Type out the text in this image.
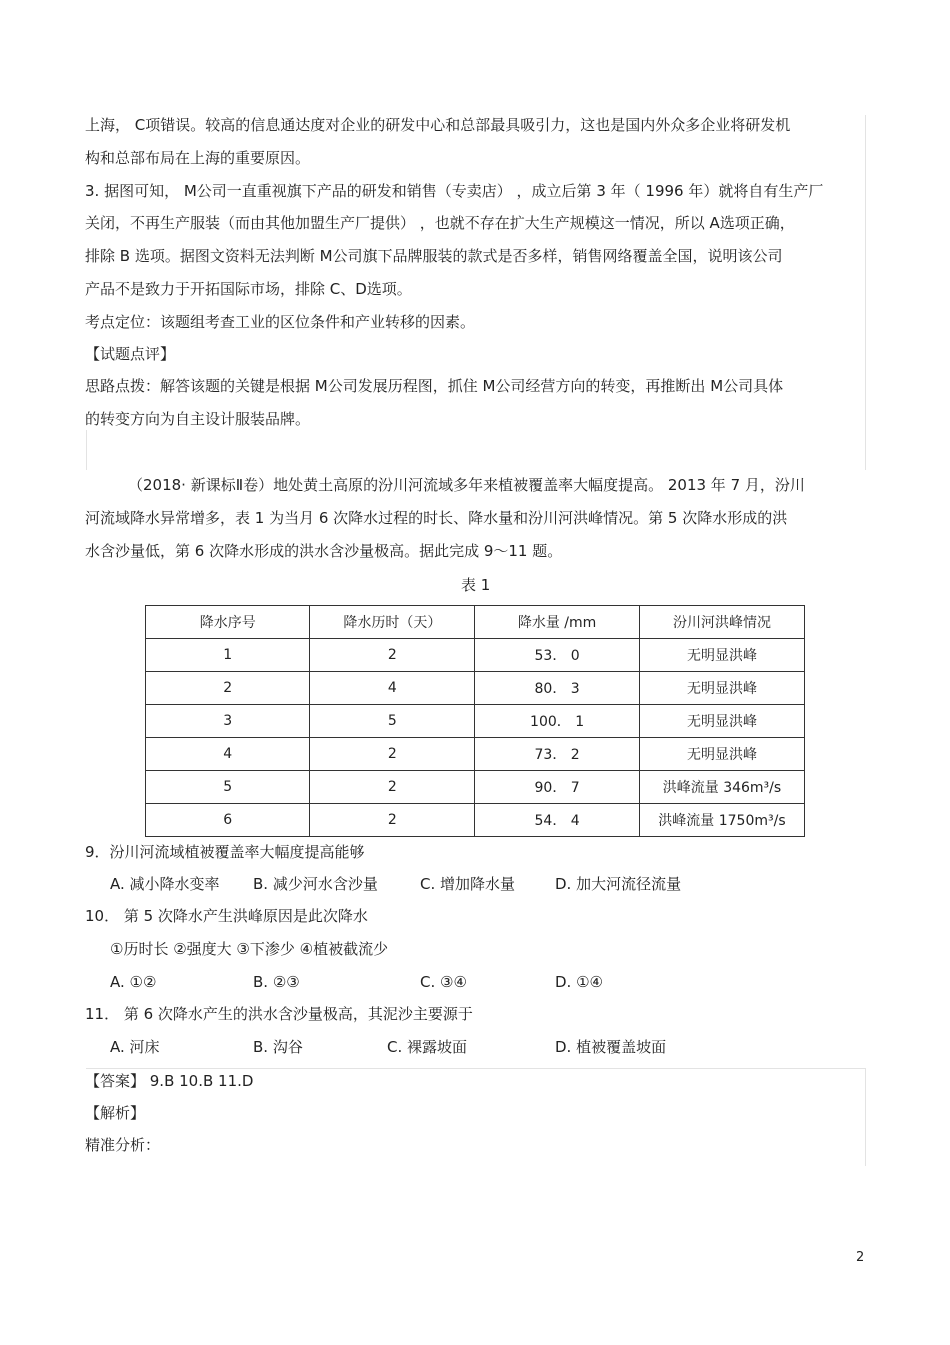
上海， C项错误。较高的信息通达度对企业的研发中心和总部最具吸引力，这也是国内外众多企业将研发机
构和总部布局在上海的重要原因。
3. 据图可知， M公司一直重视旗下产品的研发和销售（专卖店） ，成立后第 3 年（ 1996 年）就将自有生产厂
关闭，不再生产服装（而由其他加盟生产厂提供） ，也就不存在扩大生产规模这一情况，所以 A选项正确，
排除 B 选项。据图文资料无法判断 M公司旗下品牌服装的款式是否多样，销售网络覆盖全国，说明该公司
产品不是致力于开拓国际市场，排除 C、D选项。
考点定位：该题组考查工业的区位条件和产业转移的因素。
【试题点评】
思路点拨：解答该题的关键是根据 M公司发展历程图，抓住 M公司经营方向的转变，再推断出 M公司具体
的转变方向为自主设计服装品牌。
（2018· 新课标Ⅱ卷）地处黄土高原的汾川河流域多年来植被覆盖率大幅度提高。 2013 年 7 月，汾川
河流域降水异常增多，表 1 为当月 6 次降水过程的时长、降水量和汾川河洪峰情况。第 5 次降水形成的洪
水含沙量低，第 6 次降水形成的洪水含沙量极高。据此完成 9～11 题。
表 1
降水序号	降水历时（天）	降水量 /mm	汾川河洪峰情况
1	2	53． 0	无明显洪峰
2	4	80． 3	无明显洪峰
3	5	100． 1	无明显洪峰
4	2	73． 2	无明显洪峰
5	2	90． 7	洪峰流量 346m³/s
6	2	54． 4	洪峰流量 1750m³/s
9．汾川河流域植被覆盖率大幅度提高能够
A. 减小降水变率 B. 减少河水含沙量	C. 增加降水量	D. 加大河流径流量
10． 第 5 次降水产生洪峰原因是此次降水
①历时长 ②强度大 ③下渗少 ④植被截流少
A. ①②	B. ②③	C. ③④	D. ①④
11． 第 6 次降水产生的洪水含沙量极高，其泥沙主要源于
A. 河床	B. 沟谷	C. 裸露坡面	D. 植被覆盖坡面
【答案】 9.B 10.B 11.D
【解析】
精准分析：
2
